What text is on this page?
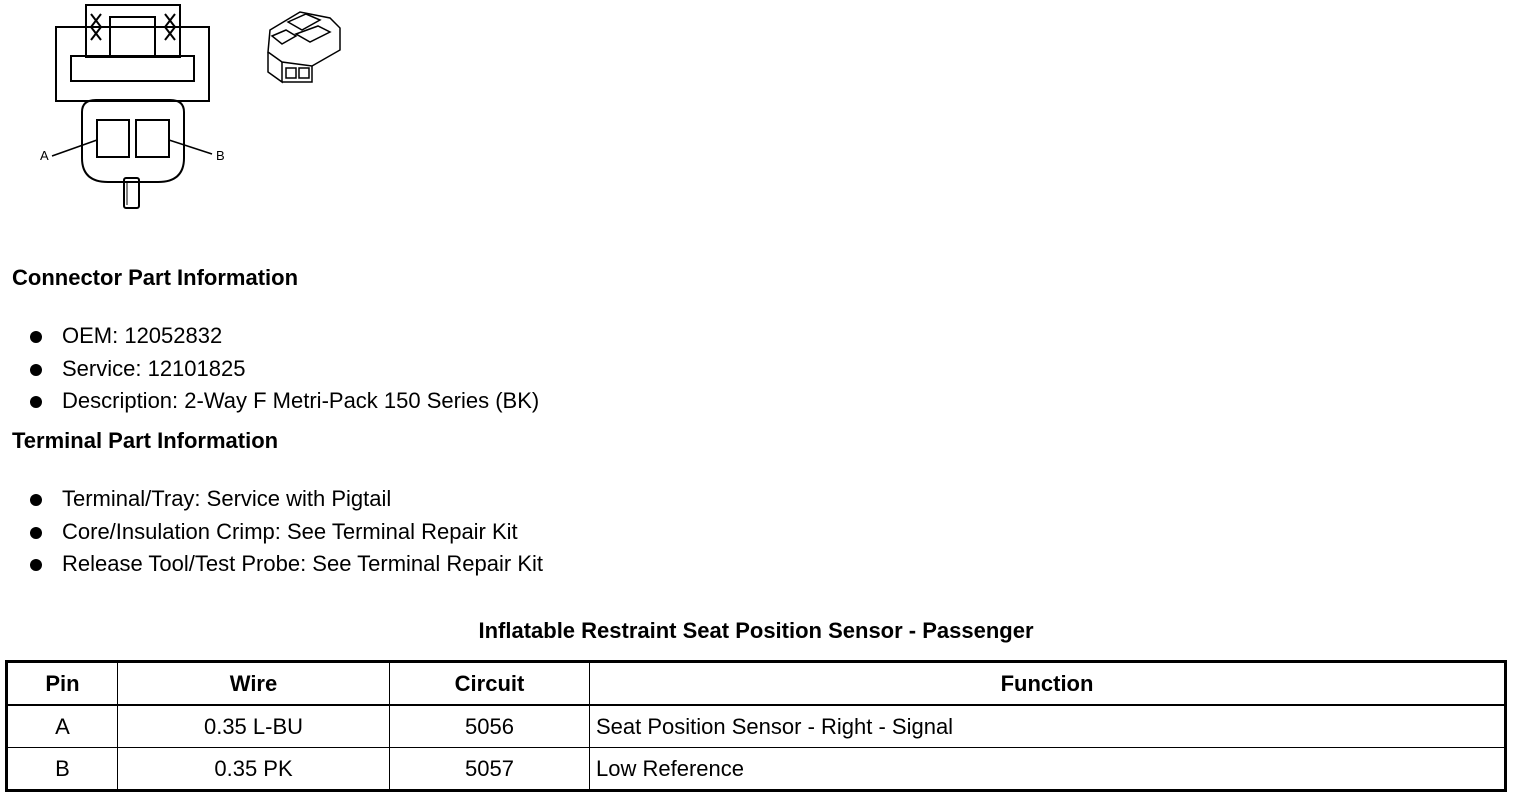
A	B
Connector Part Information
OEM: 12052832
Service: 12101825
Description: 2-Way F Metri-Pack 150 Series (BK)
Terminal Part Information
Terminal/Tray: Service with Pigtail
Core/Insulation Crimp: See Terminal Repair Kit
Release Tool/Test Probe: See Terminal Repair Kit
Inflatable Restraint Seat Position Sensor - Passenger
Pin	Wire	Circuit	Function
A	0.35 L-BU	5056	Seat Position Sensor - Right - Signal
B	0.35 PK	5057	Low Reference
